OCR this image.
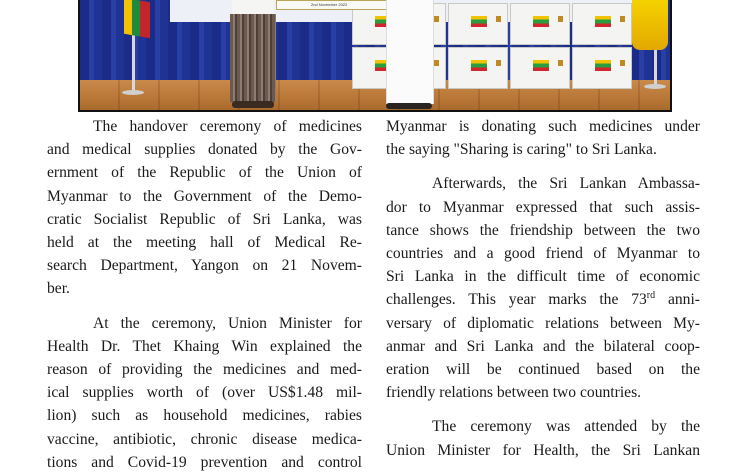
2nd November 2022

The handover ceremony of medicines
and medical supplies donated by the Gov-
ernment of the Republic of the Union of
Myanmar to the Government of the Demo-
cratic Socialist Republic of Sri Lanka, was
held at the meeting hall of Medical Re-
search Department, Yangon on 21 Novem-
ber.

At the ceremony, Union Minister for
Health Dr. Thet Khaing Win explained the
reason of providing the medicines and med-
ical supplies worth of (over US$1.48 mil-
lion) such as household medicines, rabies
vaccine, antibiotic, chronic disease medica-
tions and Covid-19 prevention and control

Myanmar is donating such medicines under
the saying "Sharing is caring" to Sri Lanka.

Afterwards, the Sri Lankan Ambassa-
dor to Myanmar expressed that such assis-
tance shows the friendship between the two
countries and a good friend of Myanmar to
Sri Lanka in the difficult time of economic
challenges. This year marks the 73rd anni-
versary of diplomatic relations between My-
anmar and Sri Lanka and the bilateral coop-
eration will be continued based on the
friendly relations between two countries.

The ceremony was attended by the
Union Minister for Health, the Sri Lankan
